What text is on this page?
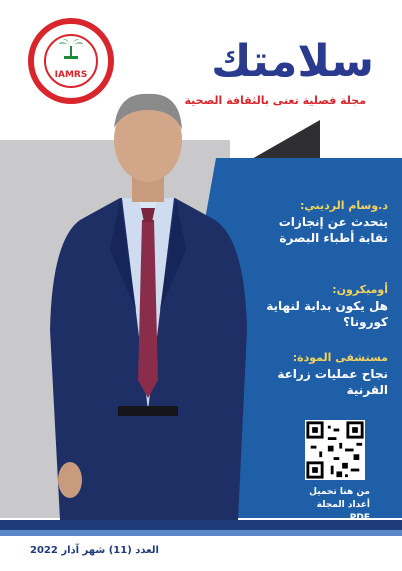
IAMRS	سلامتك
مجلة فصلية تعنى بالثقافة الصحية
د.وسام الرديني:
يتحدث عن إنجازات نقابة أطباء البصرة
أوميكرون:
هل يكون بداية لنهاية كورونا؟
مستشفى المودة:
نجاح عمليات زراعة القرنية
من هنا تحميل
أعداد المجلة
PDF
العدد (11) شهر آذار 2022
